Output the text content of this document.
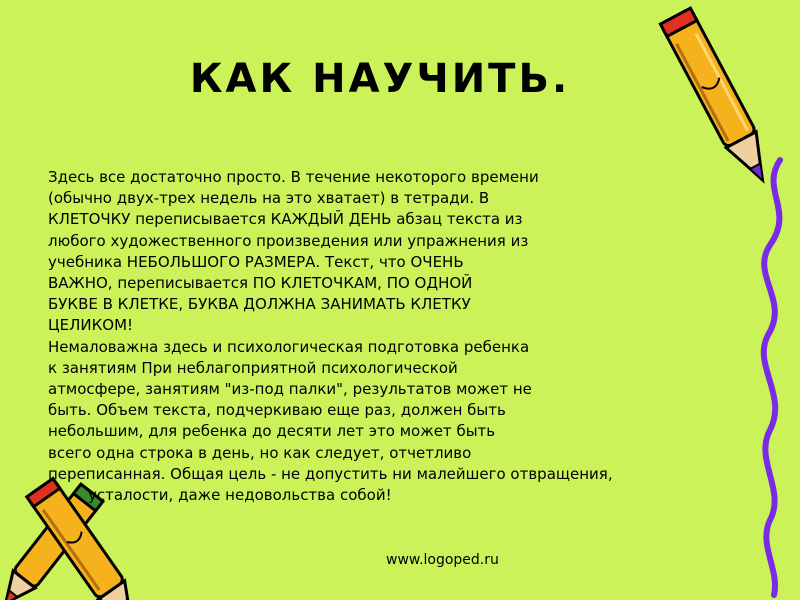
КАК НАУЧИТЬ.
Здесь все достаточно просто. В течение некоторого времени
(обычно двух-трех недель на это хватает) в тетради. В
КЛЕТОЧКУ переписывается КАЖДЫЙ ДЕНЬ абзац текста из
любого художественного произведения или упражнения из
учебника НЕБОЛЬШОГО РАЗМЕРА. Текст, что ОЧЕНЬ
ВАЖНО, переписывается ПО КЛЕТОЧКАМ, ПО ОДНОЙ
БУКВЕ В КЛЕТКЕ, БУКВА ДОЛЖНА ЗАНИМАТЬ КЛЕТКУ
ЦЕЛИКОМ!
Немаловажна здесь и психологическая подготовка ребенка
к занятиям При неблагоприятной психологической
атмосфере, занятиям "из-под палки", результатов может не
быть. Объем текста, подчеркиваю еще раз, должен быть
небольшим, для ребенка до десяти лет это может быть
всего одна строка в день, но как следует, отчетливо
переписанная. Общая цель - не допустить ни малейшего отвращения,
усталости, даже недовольства собой!
www.logoped.ru
